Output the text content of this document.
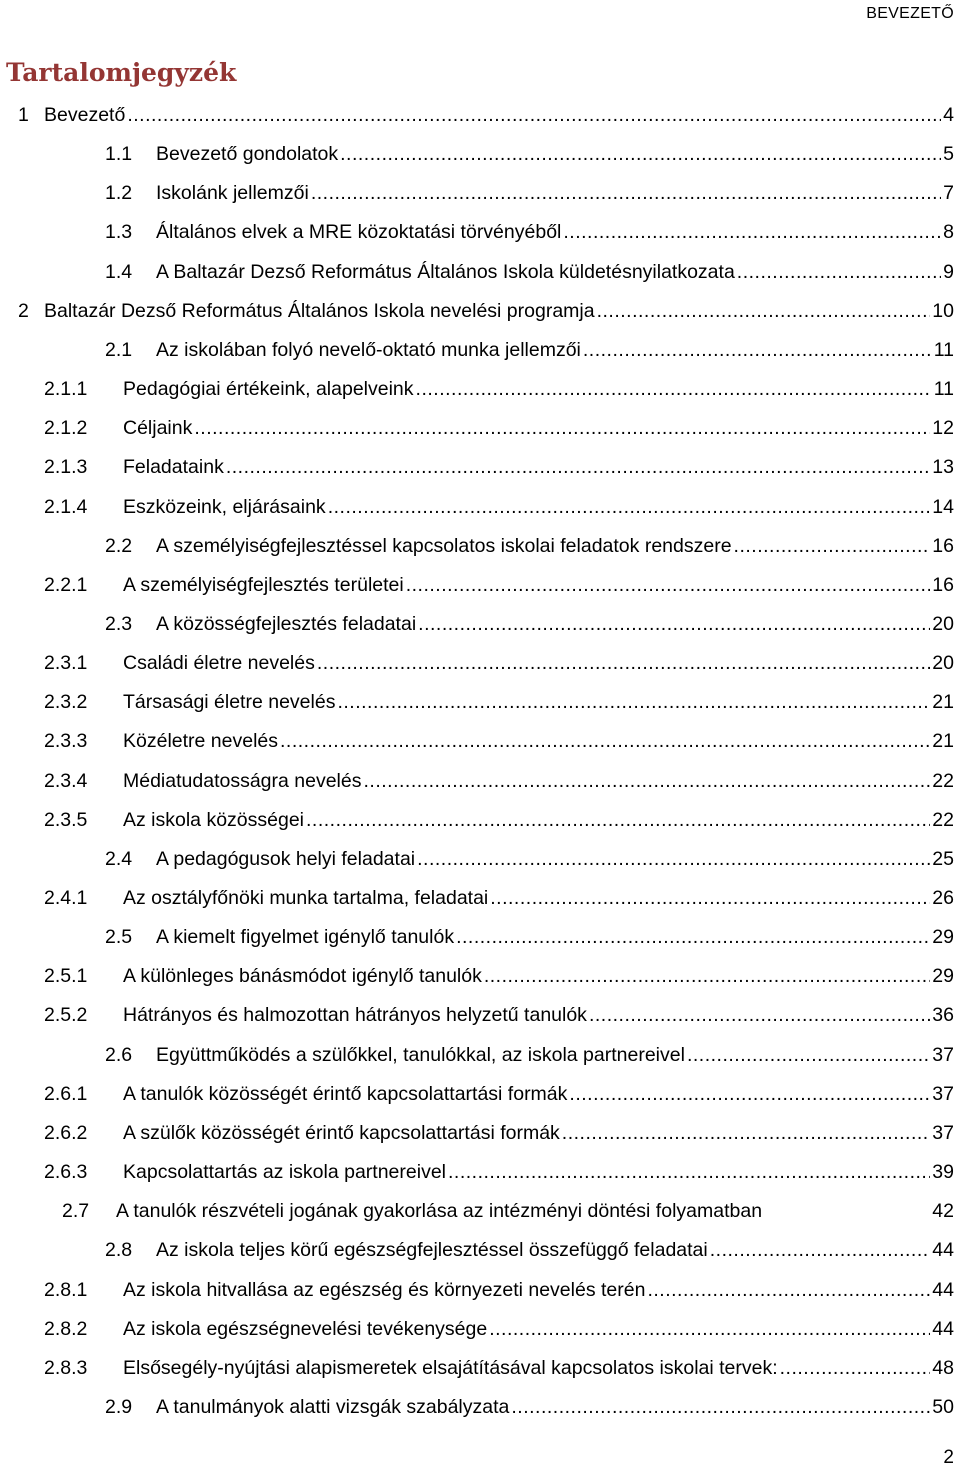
BEVEZETŐ
Tartalomjegyzék
1 Bevezető .....	4
1.1	Bevezető gondolatok .....	5
1.2	Iskolánk jellemzői .....	7
1.3	Általános elvek a MRE közoktatási törvényéből .....	8
1.4	A Baltazár Dezső Református Általános Iskola küldetésnyilatkozata .....	9
2 Baltazár Dezső Református Általános Iskola nevelési programja .....	10
2.1	Az iskolában folyó nevelő-oktató munka jellemzői .....	11
2.1.1	Pedagógiai értékeink, alapelveink .....	11
2.1.2	Céljaink .....	12
2.1.3	Feladataink .....	13
2.1.4	Eszközeink, eljárásaink .....	14
2.2	A személyiségfejlesztéssel kapcsolatos iskolai feladatok rendszere .....	16
2.2.1	A személyiségfejlesztés területei .....	16
2.3	A közösségfejlesztés feladatai .....	20
2.3.1	Családi életre nevelés .....	20
2.3.2	Társasági életre nevelés .....	21
2.3.3	Közéletre nevelés .....	21
2.3.4	Médiatudatosságra nevelés .....	22
2.3.5	Az iskola közösségei .....	22
2.4	A pedagógusok helyi feladatai .....	25
2.4.1	Az osztályfőnöki munka tartalma, feladatai .....	26
2.5	A kiemelt figyelmet igénylő tanulók .....	29
2.5.1	A különleges bánásmódot igénylő tanulók .....	29
2.5.2	Hátrányos és halmozottan hátrányos helyzetű tanulók .....	36
2.6	Együttműködés a szülőkkel, tanulókkal, az iskola partnereivel .....	37
2.6.1	A tanulók közösségét érintő kapcsolattartási formák .....	37
2.6.2	A szülők közösségét érintő kapcsolattartási formák .....	37
2.6.3	Kapcsolattartás az iskola partnereivel .....	39
2.7	A tanulók részvételi jogának gyakorlása az intézményi döntési folyamatban	42
2.8	Az iskola teljes körű egészségfejlesztéssel összefüggő feladatai .....	44
2.8.1	Az iskola hitvallása az egészség és környezeti nevelés terén .....	44
2.8.2	Az iskola egészségnevelési tevékenysége .....	44
2.8.3	Elsősegély-nyújtási alapismeretek elsajátításával kapcsolatos iskolai tervek: .....	48
2.9	A tanulmányok alatti vizsgák szabályzata .....	50
2
